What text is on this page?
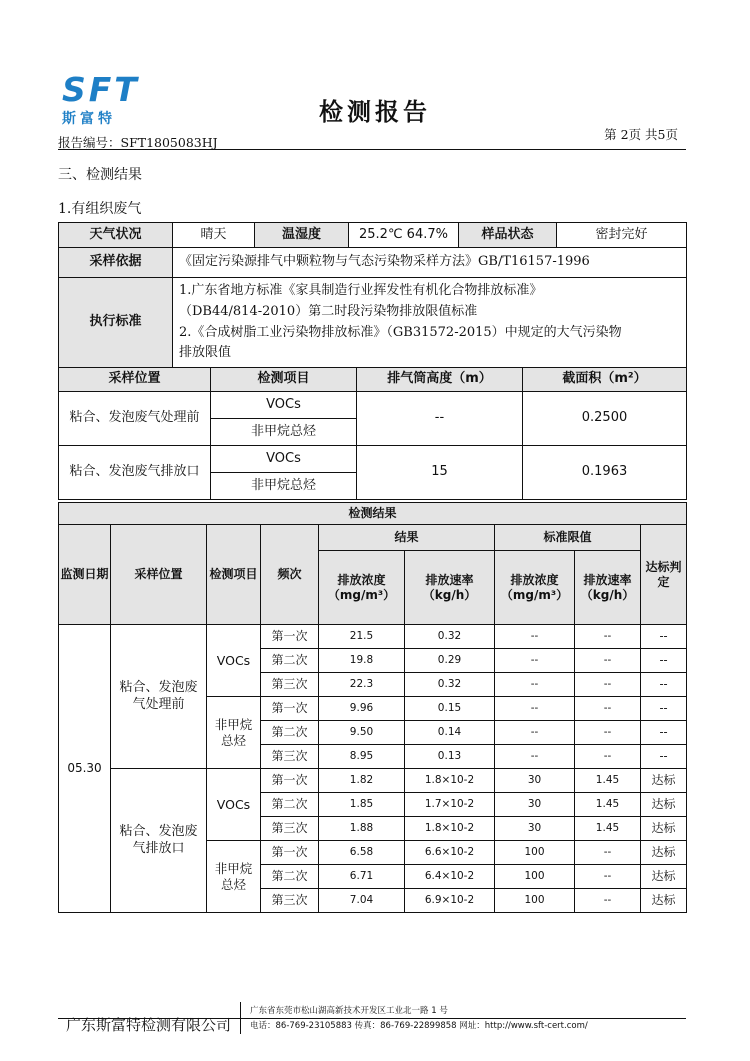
SFT
斯富特	检测报告
报告编号：SFT1805083HJ
第 2页 共5页
三、检测结果
1.有组织废气
天气状况	晴天	温湿度	25.2℃ 64.7%	样品状态	密封完好
采样依据	《固定污染源排气中颗粒物与气态污染物采样方法》GB/T16157-1996				
执行标准	1.广东省地方标准《家具制造行业挥发性有机化合物排放标准》
（DB44/814-2010）第二时段污染物排放限值标准
2.《合成树脂工业污染物排放标准》（GB31572-2015）中规定的大气污染物
排放限值				
采样位置	检测项目	排气筒高度（m）	截面积（m²）
粘合、发泡废气处理前	VOCs	--	0.2500
	非甲烷总烃		
粘合、发泡废气排放口	VOCs	15	0.1963
	非甲烷总烃		
检测结果								
监测日期	采样位置	检测项目	频次	结果		标准限值		达标判定
				排放浓度（mg/m³）	排放速率（kg/h）	排放浓度（mg/m³）	排放速率（kg/h）	
05.30	粘合、发泡废气处理前	VOCs	第一次	21.5	0.32	--	--	--
			第二次	19.8	0.29	--	--	--
			第三次	22.3	0.32	--	--	--
		非甲烷总烃	第一次	9.96	0.15	--	--	--
			第二次	9.50	0.14	--	--	--
			第三次	8.95	0.13	--	--	--
	粘合、发泡废气排放口	VOCs	第一次	1.82	1.8×10-2	30	1.45	达标
			第二次	1.85	1.7×10-2	30	1.45	达标
			第三次	1.88	1.8×10-2	30	1.45	达标
		非甲烷总烃	第一次	6.58	6.6×10-2	100	--	达标
			第二次	6.71	6.4×10-2	100	--	达标
			第三次	7.04	6.9×10-2	100	--	达标
广东斯富特检测有限公司
广东省东莞市松山湖高新技术开发区工业北一路 1 号
电话：86-769-23105883 传真：86-769-22899858 网址：http://www.sft-cert.com/
